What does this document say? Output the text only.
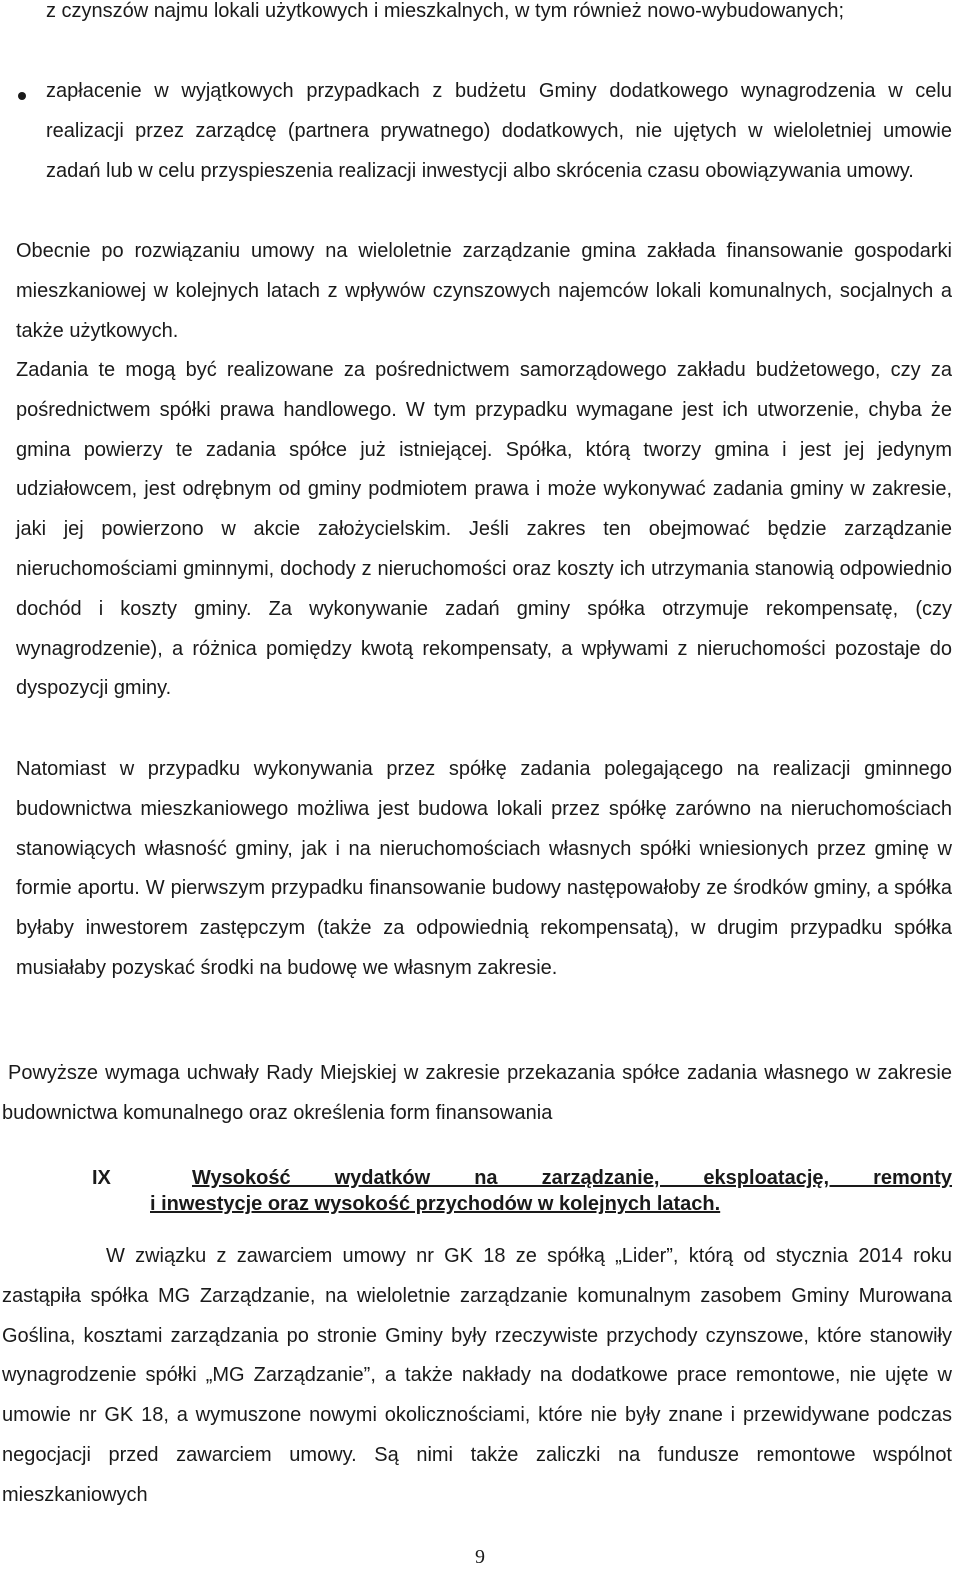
z czynszów najmu lokali użytkowych i mieszkalnych, w tym również nowo-wybudowanych;

zapłacenie w wyjątkowych przypadkach z budżetu Gminy dodatkowego wynagrodzenia w celu realizacji przez zarządcę (partnera prywatnego) dodatkowych, nie ujętych w wieloletniej umowie zadań lub w celu przyspieszenia realizacji inwestycji albo skrócenia czasu obowiązywania umowy.

Obecnie po rozwiązaniu umowy na wieloletnie zarządzanie gmina zakłada finansowanie gospodarki mieszkaniowej w kolejnych latach z wpływów czynszowych najemców lokali komunalnych, socjalnych a także użytkowych.

Zadania te mogą być realizowane za pośrednictwem samorządowego zakładu budżetowego, czy za pośrednictwem spółki prawa handlowego. W tym przypadku wymagane jest ich utworzenie, chyba że gmina powierzy te zadania spółce już istniejącej. Spółka, którą tworzy gmina i jest jej jedynym udziałowcem, jest odrębnym od gminy podmiotem prawa i może wykonywać zadania gminy w zakresie, jaki jej powierzono w akcie założycielskim. Jeśli zakres ten obejmować będzie zarządzanie nieruchomościami gminnymi, dochody z nieruchomości oraz koszty ich utrzymania stanowią odpowiednio dochód i koszty gminy. Za wykonywanie zadań gminy spółka otrzymuje rekompensatę, (czy wynagrodzenie), a różnica pomiędzy kwotą rekompensaty, a wpływami z nieruchomości pozostaje do dyspozycji gminy.

Natomiast w przypadku wykonywania przez spółkę zadania polegającego na realizacji gminnego budownictwa mieszkaniowego możliwa jest budowa lokali przez spółkę zarówno na nieruchomościach stanowiących własność gminy, jak i na nieruchomościach własnych spółki wniesionych przez gminę w formie aportu. W pierwszym przypadku finansowanie budowy następowałoby ze środków gminy, a spółka byłaby inwestorem zastępczym (także za odpowiednią rekompensatą), w drugim przypadku spółka musiałaby pozyskać środki na budowę we własnym zakresie.

Powyższe wymaga uchwały Rady Miejskiej w zakresie przekazania spółce zadania własnego w zakresie budownictwa komunalnego oraz określenia form finansowania

IX	Wysokość wydatków na zarządzanie, eksploatację, remonty

i inwestycje oraz wysokość przychodów w kolejnych latach.

W związku z zawarciem umowy nr GK 18 ze spółką „Lider”, którą od stycznia 2014 roku zastąpiła spółka MG Zarządzanie, na wieloletnie zarządzanie komunalnym zasobem Gminy Murowana Goślina, kosztami zarządzania po stronie Gminy były rzeczywiste przychody czynszowe, które stanowiły wynagrodzenie spółki „MG Zarządzanie”, a także nakłady na dodatkowe prace remontowe, nie ujęte w umowie nr GK 18, a wymuszone nowymi okolicznościami, które nie były znane i przewidywane podczas negocjacji przed zawarciem umowy. Są nimi także zaliczki na fundusze remontowe wspólnot mieszkaniowych

9
